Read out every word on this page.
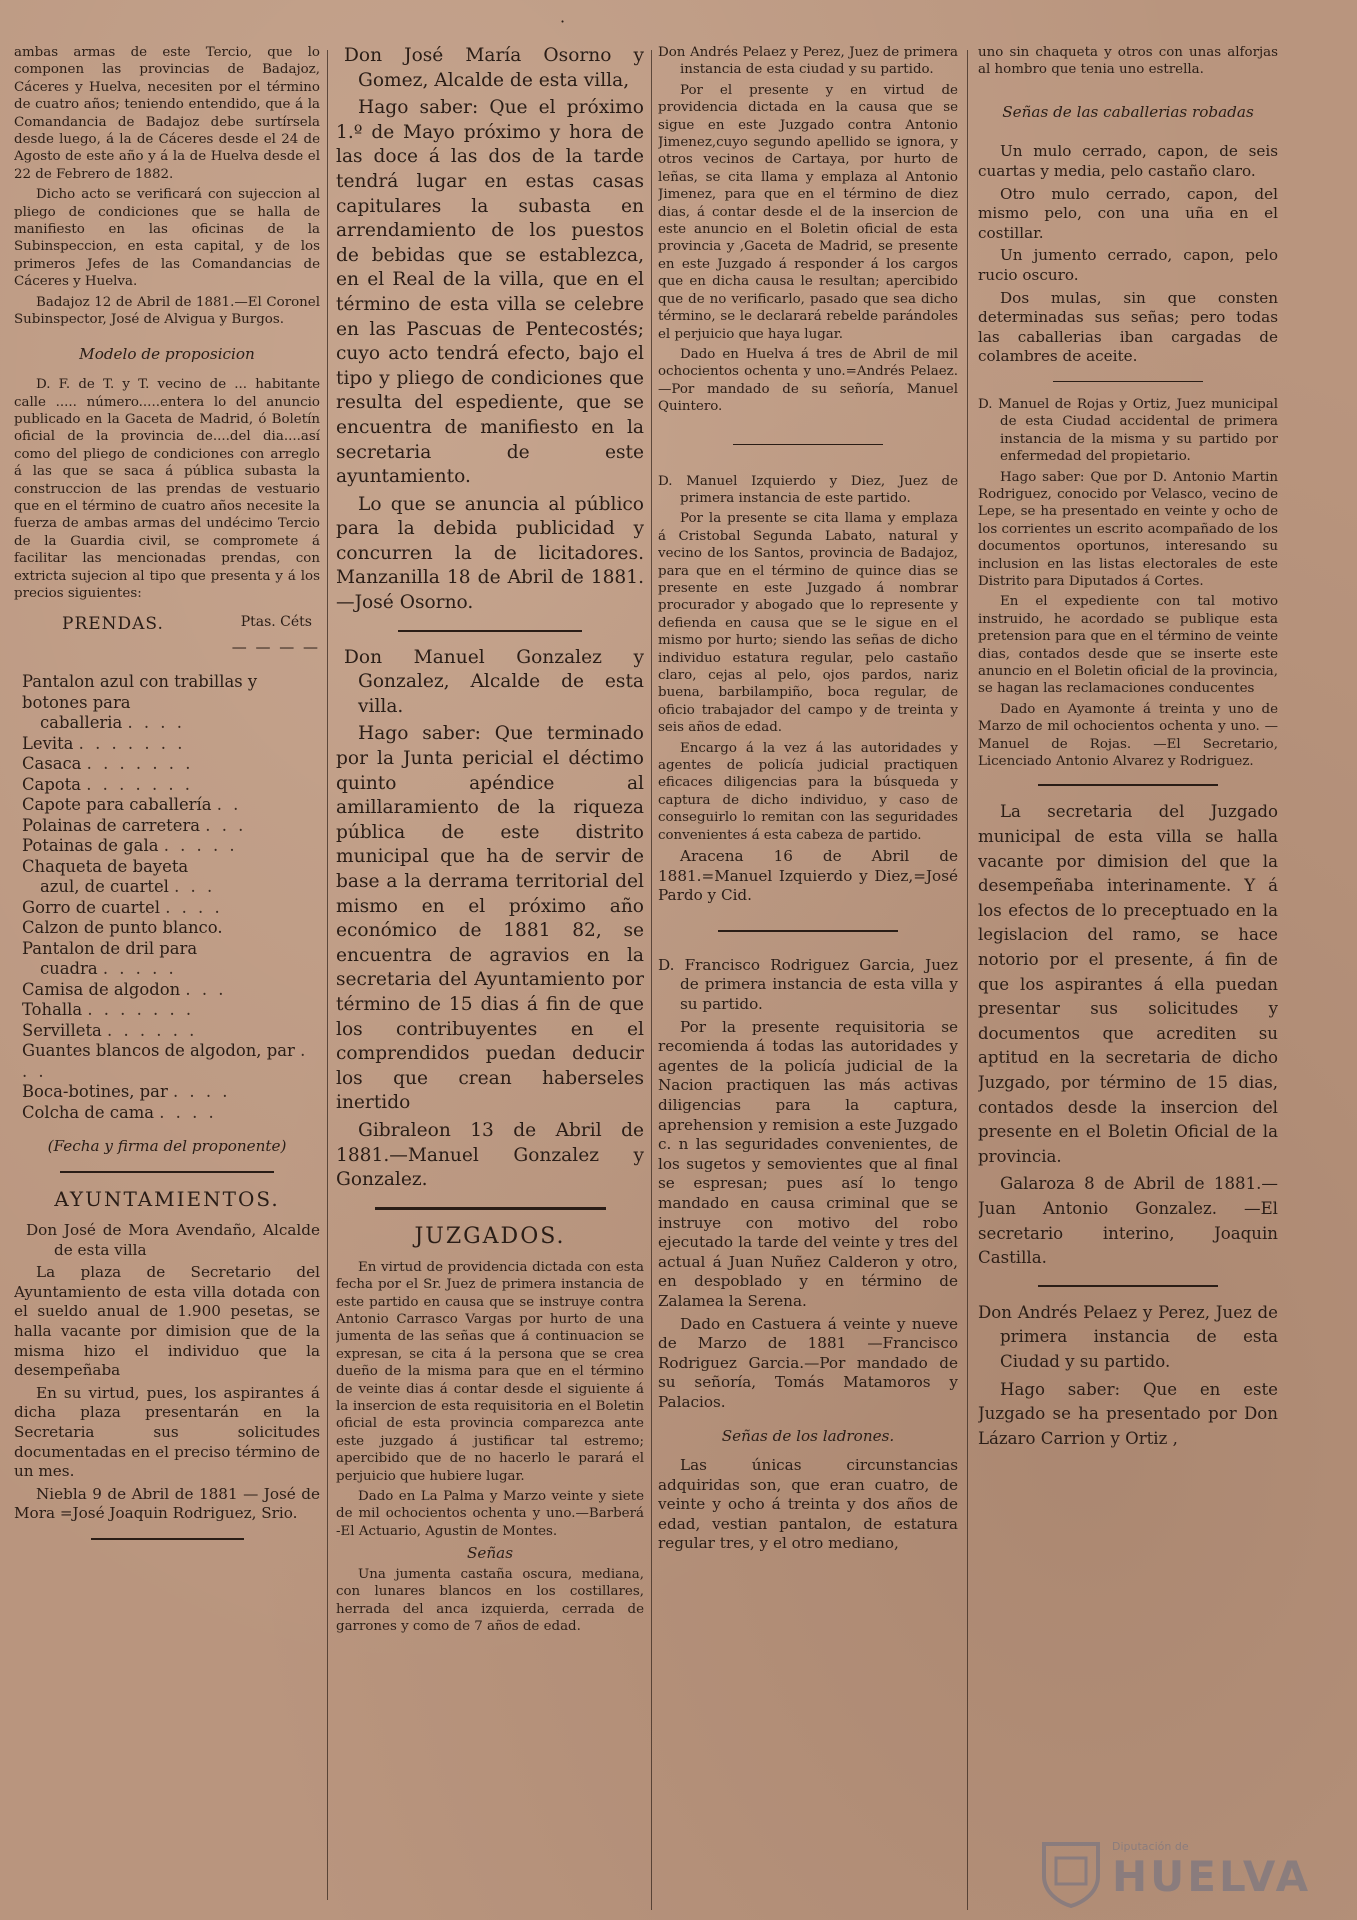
·

ambas armas de este Tercio, que lo componen las provincias de Badajoz, Cáceres y Huelva, necesiten por el término de cuatro años; teniendo entendido, que á la Comandancia de Badajoz debe surtírsela desde luego, á la de Cáceres desde el 24 de Agosto de este año y á la de Huelva desde el 22 de Febrero de 1882.

Dicho acto se verificará con sujeccion al pliego de condiciones que se halla de manifiesto en las oficinas de la Subinspeccion, en esta capital, y de los primeros Jefes de las Comandancias de Cáceres y Huelva.

Badajoz 12 de Abril de 1881.—El Coronel Subinspector, José de Alvigua y Burgos.

Modelo de proposicion

D. F. de T. y T. vecino de ... habitante calle ..... número.....entera lo del anuncio publicado en la Gaceta de Madrid, ó Boletín oficial de la provincia de....del dia....así como del pliego de condiciones con arreglo á las que se saca á pública subasta la construccion de las prendas de vestuario que en el término de cuatro años necesite la fuerza de ambas armas del undécimo Tercio de la Guardia civil, se compromete á facilitar las mencionadas prendas, con extricta sujecion al tipo que presenta y á los precios siguientes:

PRENDAS.	Ptas. Céts
— — — —
Pantalon azul con trabillas y botones para
caballeria . . . .
Levita . . . . . . .
Casaca . . . . . . .
Capota . . . . . . .
Capote para caballería . .
Polainas de carretera . . .
Potainas de gala . . . . .
Chaqueta de bayeta
azul, de cuartel . . .
Gorro de cuartel . . . .
Calzon de punto blanco.
Pantalon de dril para
cuadra . . . . .
Camisa de algodon . . .
Tohalla . . . . . . .
Servilleta . . . . . .
Guantes blancos de algodon, par . . .
Boca-botines, par . . . .
Colcha de cama . . . .

(Fecha y firma del proponente)

AYUNTAMIENTOS.

Don José de Mora Avendaño, Alcalde de esta villa

La plaza de Secretario del Ayuntamiento de esta villa dotada con el sueldo anual de 1.900 pesetas, se halla vacante por dimision que de la misma hizo el individuo que la desempeñaba

En su virtud, pues, los aspirantes á dicha plaza presentarán en la Secretaria sus solicitudes documentadas en el preciso término de un mes.

Niebla 9 de Abril de 1881 — José de Mora =José Joaquin Rodriguez, Srio.

Don José María Osorno y Gomez, Alcalde de esta villa,

Hago saber: Que el próximo 1.º de Mayo próximo y hora de las doce á las dos de la tarde tendrá lugar en estas casas capitulares la subasta en arrendamiento de los puestos de bebidas que se establezca, en el Real de la villa, que en el término de esta villa se celebre en las Pascuas de Pentecostés; cuyo acto tendrá efecto, bajo el tipo y pliego de condiciones que resulta del espediente, que se encuentra de manifiesto en la secretaria de este ayuntamiento.

Lo que se anuncia al público para la debida publicidad y concurren la de licitadores. Manzanilla 18 de Abril de 1881. —José Osorno.

Don Manuel Gonzalez y Gonzalez, Alcalde de esta villa.

Hago saber: Que terminado por la Junta pericial el déctimo quinto apéndice al amillaramiento de la riqueza pública de este distrito municipal que ha de servir de base a la derrama territorial del mismo en el próximo año económico de 1881 82, se encuentra de agravios en la secretaria del Ayuntamiento por término de 15 dias á fin de que los contribuyentes en el comprendidos puedan deducir los que crean haberseles inertido

Gibraleon 13 de Abril de 1881.—Manuel Gonzalez y Gonzalez.

JUZGADOS.

En virtud de providencia dictada con esta fecha por el Sr. Juez de primera instancia de este partido en causa que se instruye contra Antonio Carrasco Vargas por hurto de una jumenta de las señas que á continuacion se expresan, se cita á la persona que se crea dueño de la misma para que en el término de veinte dias á contar desde el siguiente á la insercion de esta requisitoria en el Boletin oficial de esta provincia comparezca ante este juzgado á justificar tal estremo; apercibido que de no hacerlo le parará el perjuicio que hubiere lugar.

Dado en La Palma y Marzo veinte y siete de mil ochocientos ochenta y uno.—Barberá -El Actuario, Agustin de Montes.

Señas

Una jumenta castaña oscura, mediana, con lunares blancos en los costillares, herrada del anca izquierda, cerrada de garrones y como de 7 años de edad.

Don Andrés Pelaez y Perez, Juez de primera instancia de esta ciudad y su partido.

Por el presente y en virtud de providencia dictada en la causa que se sigue en este Juzgado contra Antonio Jimenez,cuyo segundo apellido se ignora, y otros vecinos de Cartaya, por hurto de leñas, se cita llama y emplaza al Antonio Jimenez, para que en el término de diez dias, á contar desde el de la insercion de este anuncio en el Boletin oficial de esta provincia y ,Gaceta de Madrid, se presente en este Juzgado á responder á los cargos que en dicha causa le resultan; apercibido que de no verificarlo, pasado que sea dicho término, se le declarará rebelde parándoles el perjuicio que haya lugar.

Dado en Huelva á tres de Abril de mil ochocientos ochenta y uno.=Andrés Pelaez.—Por mandado de su señoría, Manuel Quintero.

D. Manuel Izquierdo y Diez, Juez de primera instancia de este partido.

Por la presente se cita llama y emplaza á Cristobal Segunda Labato, natural y vecino de los Santos, provincia de Badajoz, para que en el término de quince dias se presente en este Juzgado á nombrar procurador y abogado que lo represente y defienda en causa que se le sigue en el mismo por hurto; siendo las señas de dicho individuo estatura regular, pelo castaño claro, cejas al pelo, ojos pardos, nariz buena, barbilampiño, boca regular, de oficio trabajador del campo y de treinta y seis años de edad.

Encargo á la vez á las autoridades y agentes de policía judicial practiquen eficaces diligencias para la búsqueda y captura de dicho individuo, y caso de conseguirlo lo remitan con las seguridades convenientes á esta cabeza de partido.

Aracena 16 de Abril de 1881.=Manuel Izquierdo y Diez,=José Pardo y Cid.

D. Francisco Rodriguez Garcia, Juez de primera instancia de esta villa y su partido.

Por la presente requisitoria se recomienda á todas las autoridades y agentes de la policía judicial de la Nacion practiquen las más activas diligencias para la captura, aprehension y remision a este Juzgado c. n las seguridades convenientes, de los sugetos y semovientes que al final se espresan; pues así lo tengo mandado en causa criminal que se instruye con motivo del robo ejecutado la tarde del veinte y tres del actual á Juan Nuñez Calderon y otro, en despoblado y en término de Zalamea la Serena.

Dado en Castuera á veinte y nueve de Marzo de 1881 —Francisco Rodriguez Garcia.—Por mandado de su señoría, Tomás Matamoros y Palacios.

Señas de los ladrones.

Las únicas circunstancias adquiridas son, que eran cuatro, de veinte y ocho á treinta y dos años de edad, vestian pantalon, de estatura regular tres, y el otro mediano,

uno sin chaqueta y otros con unas alforjas al hombro que tenia uno estrella.

Señas de las caballerias robadas

Un mulo cerrado, capon, de seis cuartas y media, pelo castaño claro.

Otro mulo cerrado, capon, del mismo pelo, con una uña en el costillar.

Un jumento cerrado, capon, pelo rucio oscuro.

Dos mulas, sin que consten determinadas sus señas; pero todas las caballerias iban cargadas de colambres de aceite.

D. Manuel de Rojas y Ortiz, Juez municipal de esta Ciudad accidental de primera instancia de la misma y su partido por enfermedad del propietario.

Hago saber: Que por D. Antonio Martin Rodriguez, conocido por Velasco, vecino de Lepe, se ha presentado en veinte y ocho de los corrientes un escrito acompañado de los documentos oportunos, interesando su inclusion en las listas electorales de este Distrito para Diputados á Cortes.

En el expediente con tal motivo instruido, he acordado se publique esta pretension para que en el término de veinte dias, contados desde que se inserte este anuncio en el Boletin oficial de la provincia, se hagan las reclamaciones conducentes

Dado en Ayamonte á treinta y uno de Marzo de mil ochocientos ochenta y uno. —Manuel de Rojas. —El Secretario, Licenciado Antonio Alvarez y Rodriguez.

La secretaria del Juzgado municipal de esta villa se halla vacante por dimision del que la desempeñaba interinamente. Y á los efectos de lo preceptuado en la legislacion del ramo, se hace notorio por el presente, á fin de que los aspirantes á ella puedan presentar sus solicitudes y documentos que acrediten su aptitud en la secretaria de dicho Juzgado, por término de 15 dias, contados desde la insercion del presente en el Boletin Oficial de la provincia.

Galaroza 8 de Abril de 1881.—Juan Antonio Gonzalez. —El secretario interino, Joaquin Castilla.

Don Andrés Pelaez y Perez, Juez de primera instancia de esta Ciudad y su partido.

Hago saber: Que en este Juzgado se ha presentado por Don Lázaro Carrion y Ortiz ,

Diputación de
HUELVA
